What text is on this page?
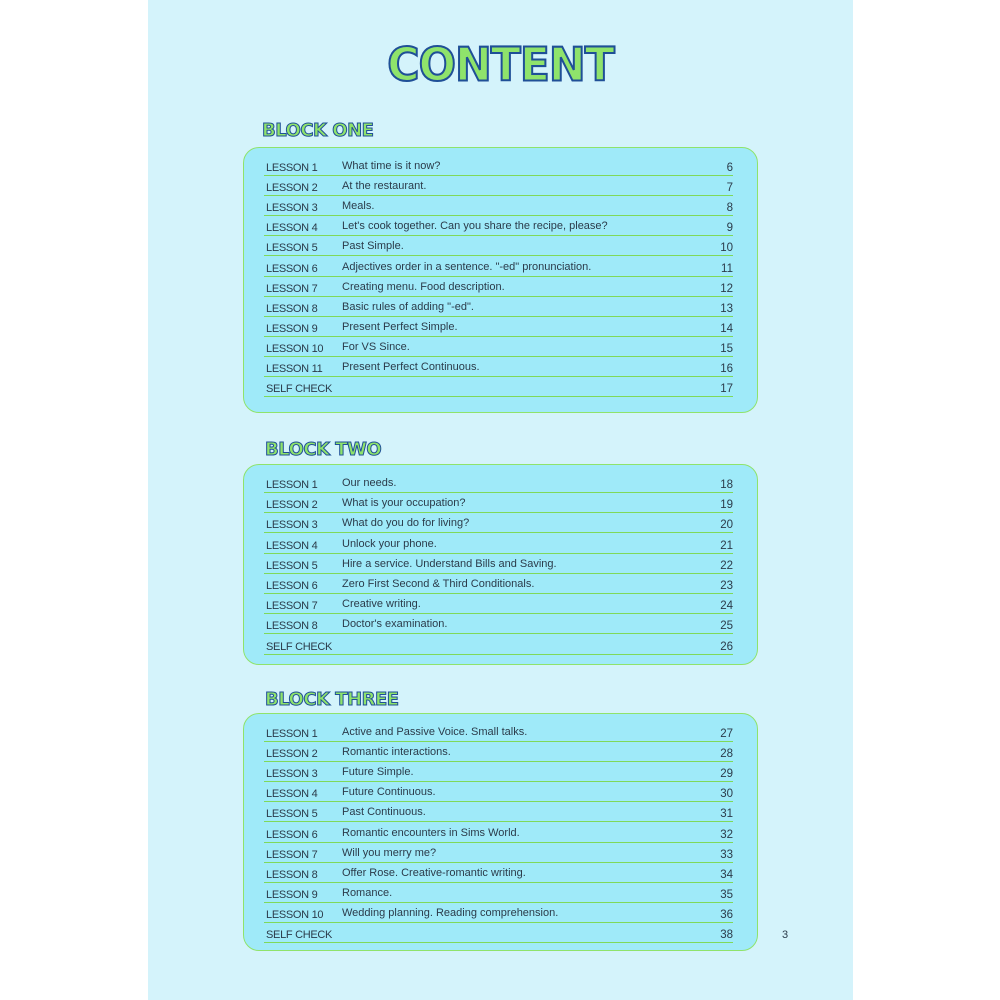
CONTENT
BLOCK ONE
LESSON 1 What time is it now?	6
LESSON 2 At the restaurant.	7
LESSON 3 Meals.	8
LESSON 4 Let's cook together. Can you share the recipe, please?	9
LESSON 5 Past Simple.	10
LESSON 6 Adjectives order in a sentence. "-ed" pronunciation.	11
LESSON 7 Creating menu. Food description.	12
LESSON 8 Basic rules of adding "-ed".	13
LESSON 9 Present Perfect Simple.	14
LESSON 10 For VS Since.	15
LESSON 11 Present Perfect Continuous.	16
SELF CHECK	17
BLOCK TWO
LESSON 1 Our needs.	18
LESSON 2 What is your occupation?	19
LESSON 3 What do you do for living?	20
LESSON 4 Unlock your phone.	21
LESSON 5 Hire a service. Understand Bills and Saving.	22
LESSON 6 Zero First Second & Third Conditionals.	23
LESSON 7 Creative writing.	24
LESSON 8 Doctor's examination.	25
SELF CHECK	26
BLOCK THREE
LESSON 1 Active and Passive Voice. Small talks.	27
LESSON 2 Romantic interactions.	28
LESSON 3 Future Simple.	29
LESSON 4 Future Continuous.	30
LESSON 5 Past Continuous.	31
LESSON 6 Romantic encounters in Sims World.	32
LESSON 7 Will you merry me?	33
LESSON 8 Offer Rose. Creative-romantic writing.	34
LESSON 9 Romance.	35
LESSON 10 Wedding planning. Reading comprehension.	36
SELF CHECK	38	3
